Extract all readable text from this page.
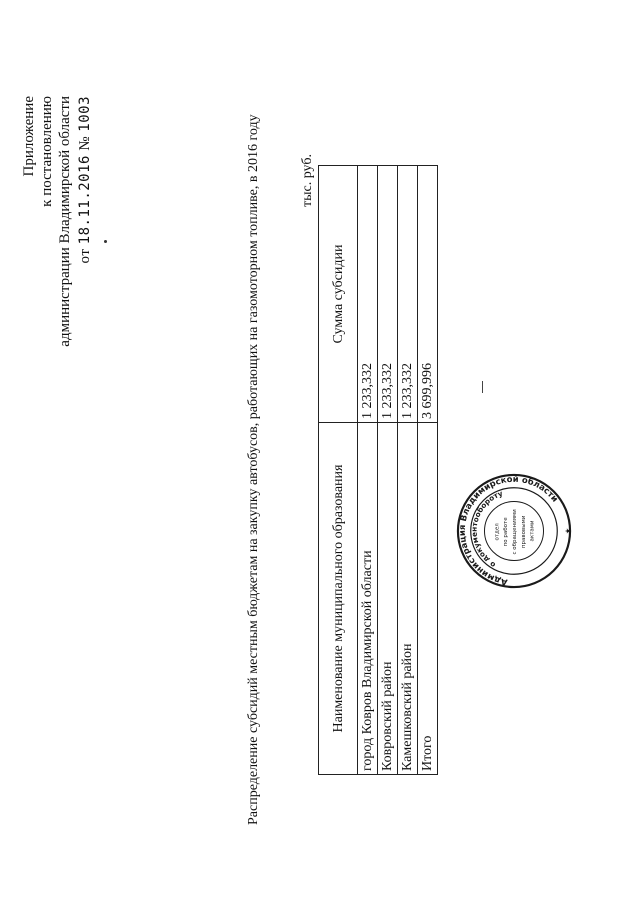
Приложение к постановлению администрации Владимирской области от 18.11.2016 № 1003
Распределение субсидий местным бюджетам на закупку автобусов, работающих на газомоторном топливе, в 2016 году	тыс. руб.
Наименование муниципального образования	Сумма субсидии
город Ковров Владимирской области	1 233,332
Ковровский район	1 233,332
Камешковский район	1 233,332
Итого	3 699,996
Администрация Владимирской области
о документообороту
отдел по работе с обращениями правовыми актами	★
